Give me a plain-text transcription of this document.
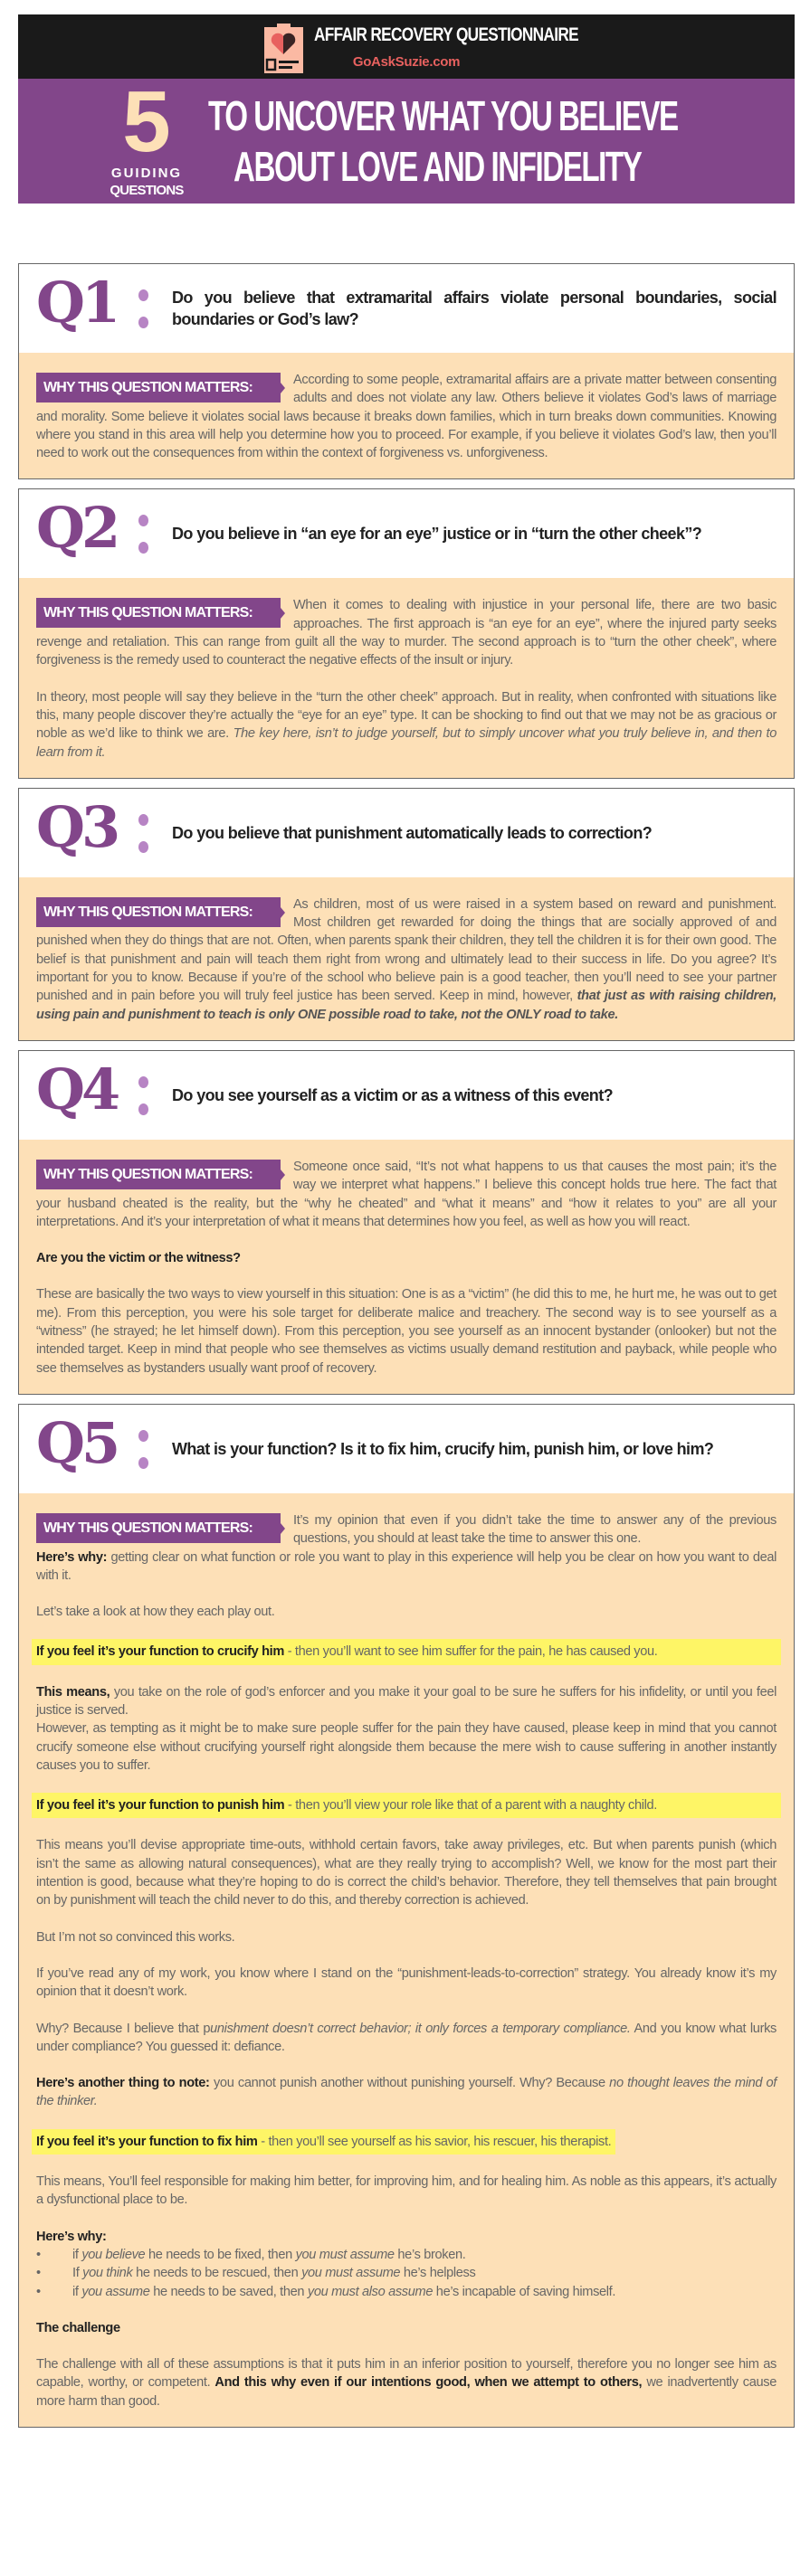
AFFAIR RECOVERY QUESTIONNAIRE
GoAskSuzie.com
5
GUIDING
QUESTIONS
TO UNCOVER WHAT YOU BELIEVE
ABOUT LOVE AND INFIDELITY
Q1	Do you believe that extramarital affairs violate personal boundaries, social boundaries or God’s law?
WHY THIS QUESTION MATTERS:	According to some people, extramarital affairs are a private matter between consenting adults and does not violate any law. Others believe it violates God’s laws of marriage and morality. Some believe it violates social laws because it breaks down families, which in turn breaks down communities. Knowing where you stand in this area will help you determine how you to proceed. For example, if you believe it violates God’s law, then you’ll need to work out the consequences from within the context of forgiveness vs. unforgiveness.
Q2	Do you believe in “an eye for an eye” justice or in “turn the other cheek”?
WHY THIS QUESTION MATTERS:	When it comes to dealing with injustice in your personal life, there are two basic approaches. The first approach is “an eye for an eye”, where the injured party seeks revenge and retaliation. This can range from guilt all the way to murder. The second approach is to “turn the other cheek”, where forgiveness is the remedy used to counteract the negative effects of the insult or injury.
In theory, most people will say they believe in the “turn the other cheek” approach. But in reality, when confronted with situations like this, many people discover they’re actually the “eye for an eye” type. It can be shocking to find out that we may not be as gracious or noble as we’d like to think we are. The key here, isn’t to judge yourself, but to simply uncover what you truly believe in, and then to learn from it.
Q3	Do you believe that punishment automatically leads to correction?
WHY THIS QUESTION MATTERS:	As children, most of us were raised in a system based on reward and punishment. Most children get rewarded for doing the things that are socially approved of and punished when they do things that are not. Often, when parents spank their children, they tell the children it is for their own good. The belief is that punishment and pain will teach them right from wrong and ultimately lead to their success in life. Do you agree? It’s important for you to know. Because if you’re of the school who believe pain is a good teacher, then you’ll need to see your partner punished and in pain before you will truly feel justice has been served. Keep in mind, however, that just as with raising children, using pain and punishment to teach is only ONE possible road to take, not the ONLY road to take.
Q4	Do you see yourself as a victim or as a witness of this event?
WHY THIS QUESTION MATTERS:	Someone once said, “It’s not what happens to us that causes the most pain; it’s the way we interpret what happens.” I believe this concept holds true here. The fact that your husband cheated is the reality, but the “why he cheated” and “what it means” and “how it relates to you” are all your interpretations. And it’s your interpretation of what it means that determines how you feel, as well as how you will react.
Are you the victim or the witness?
These are basically the two ways to view yourself in this situation: One is as a “victim” (he did this to me, he hurt me, he was out to get me). From this perception, you were his sole target for deliberate malice and treachery. The second way is to see yourself as a “witness” (he strayed; he let himself down). From this perception, you see yourself as an innocent bystander (onlooker) but not the intended target. Keep in mind that people who see themselves as victims usually demand restitution and payback, while people who see themselves as bystanders usually want proof of recovery.
Q5	What is your function? Is it to fix him, crucify him, punish him, or love him?
WHY THIS QUESTION MATTERS:	It’s my opinion that even if you didn’t take the time to answer any of the previous questions, you should at least take the time to answer this one.
Here’s why: getting clear on what function or role you want to play in this experience will help you be clear on how you want to deal with it.
Let’s take a look at how they each play out.
If you feel it’s your function to crucify him - then you’ll want to see him suffer for the pain, he has caused you.
This means, you take on the role of god’s enforcer and you make it your goal to be sure he suffers for his infidelity, or until you feel justice is served.
However, as tempting as it might be to make sure people suffer for the pain they have caused, please keep in mind that you cannot crucify someone else without crucifying yourself right alongside them because the mere wish to cause suffering in another instantly causes you to suffer.
If you feel it’s your function to punish him - then you’ll view your role like that of a parent with a naughty child.
This means you’ll devise appropriate time-outs, withhold certain favors, take away privileges, etc. But when parents punish (which isn’t the same as allowing natural consequences), what are they really trying to accomplish? Well, we know for the most part their intention is good, because what they’re hoping to do is correct the child’s behavior. Therefore, they tell themselves that pain brought on by punishment will teach the child never to do this, and thereby correction is achieved.
But I’m not so convinced this works.
If you’ve read any of my work, you know where I stand on the “punishment-leads-to-correction” strategy. You already know it’s my opinion that it doesn’t work.
Why? Because I believe that punishment doesn’t correct behavior; it only forces a temporary compliance. And you know what lurks under compliance? You guessed it: defiance.
Here’s another thing to note: you cannot punish another without punishing yourself. Why? Because no thought leaves the mind of the thinker.
If you feel it’s your function to fix him - then you’ll see yourself as his savior, his rescuer, his therapist.
This means, You’ll feel responsible for making him better, for improving him, and for healing him. As noble as this appears, it’s actually a dysfunctional place to be.
Here’s why:
• if you believe he needs to be fixed, then you must assume he’s broken.
• If you think he needs to be rescued, then you must assume he’s helpless
• if you assume he needs to be saved, then you must also assume he’s incapable of saving himself.
The challenge
The challenge with all of these assumptions is that it puts him in an inferior position to yourself, therefore you no longer see him as capable, worthy, or competent. And this why even if our intentions good, when we attempt to others, we inadvertently cause more harm than good.
